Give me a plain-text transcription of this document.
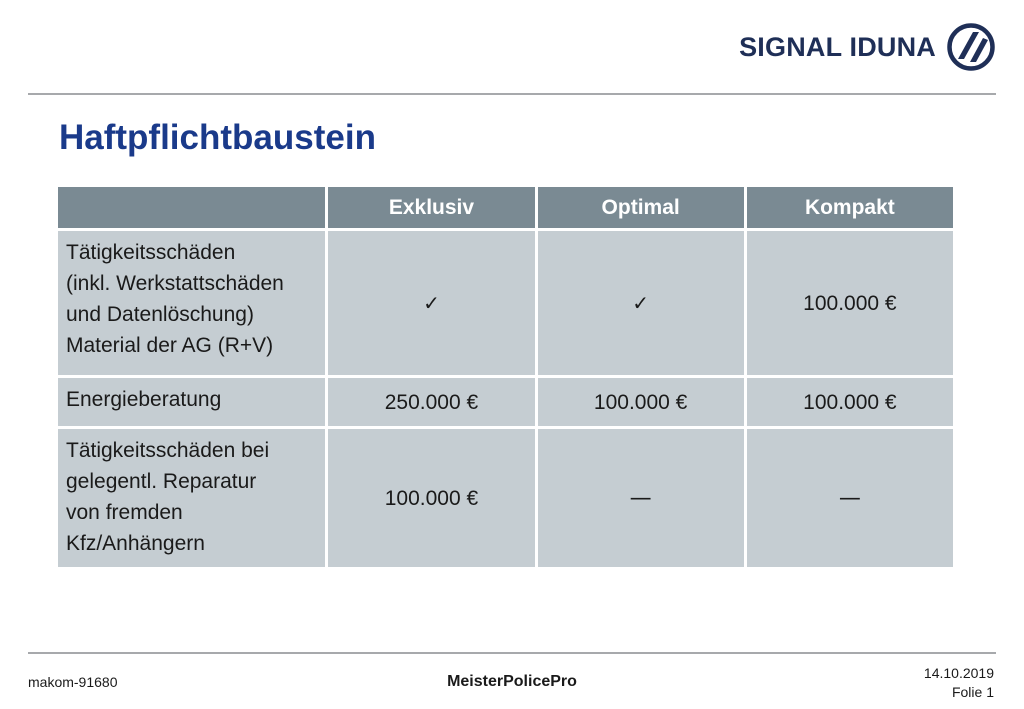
SIGNAL IDUNA
Haftpflichtbaustein
	Exklusiv	Optimal	Kompakt
Tätigkeitsschäden
(inkl. Werkstattschäden
und Datenlöschung)
Material der AG (R+V)	✓	✓	100.000 €
Energieberatung	250.000 €	100.000 €	100.000 €
Tätigkeitsschäden bei
gelegentl. Reparatur
von fremden
Kfz/Anhängern	100.000 €	—	—
makom-91680	MeisterPolicePro	14.10.2019
Folie 1
